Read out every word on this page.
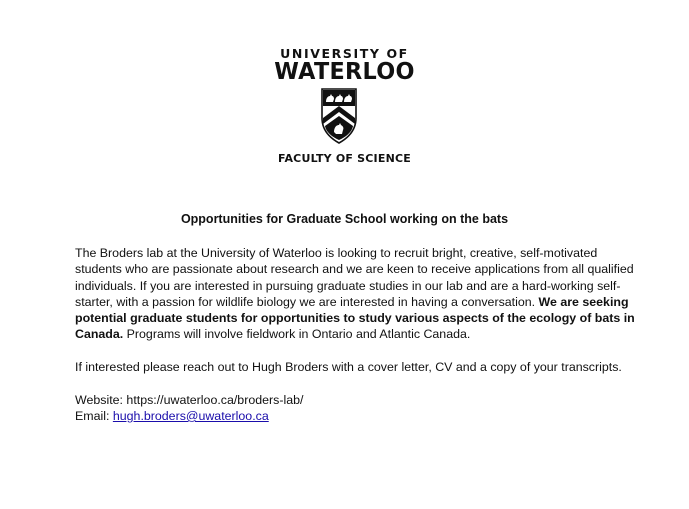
UNIVERSITY OF
WATERLOO
FACULTY OF SCIENCE
Opportunities for Graduate School working on the bats

The Broders lab at the University of Waterloo is looking to recruit bright, creative, self-motivated students who are passionate about research and we are keen to receive applications from all qualified individuals. If you are interested in pursuing graduate studies in our lab and are a hard-working self-starter, with a passion for wildlife biology we are interested in having a conversation. We are seeking potential graduate students for opportunities to study various aspects of the ecology of bats in Canada. Programs will involve fieldwork in Ontario and Atlantic Canada.

If interested please reach out to Hugh Broders with a cover letter, CV and a copy of your transcripts.

Website: https://uwaterloo.ca/broders-lab/
Email: hugh.broders@uwaterloo.ca
